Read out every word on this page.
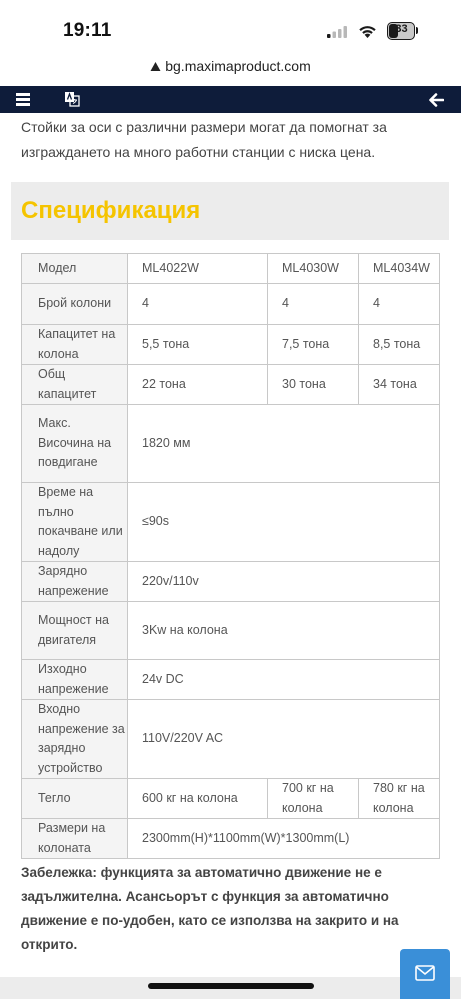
19:11	33
bg.maximaproduct.com
Стойки за оси с различни размери могат да помогнат за изграждането на много работни станции с ниска цена.
Спецификация
Модел	ML4022W	ML4030W	ML4034W
Брой колони	4	4	4
Капацитет на колона	5,5 тона	7,5 тона	8,5 тона
Общ капацитет	22 тона	30 тона	34 тона
Макс. Височина на повдигане	1820 мм		
Време на пълно покачване или надолу	≤90s		
Зарядно напрежение	220v/110v		
Мощност на двигателя	3Kw на колона		
Изходно напрежение	24v DC		
Входно напрежение за зарядно устройство	110V/220V AC		
Тегло	600 кг на колона	700 кг на колона	780 кг на колона
Размери на колоната	2300mm(H)*1100mm(W)*1300mm(L)		
Забележка: функцията за автоматично движение не е задължителна. Асансьорът с функция за автоматично движение е по-удобен, като се използва на закрито и на открито.
